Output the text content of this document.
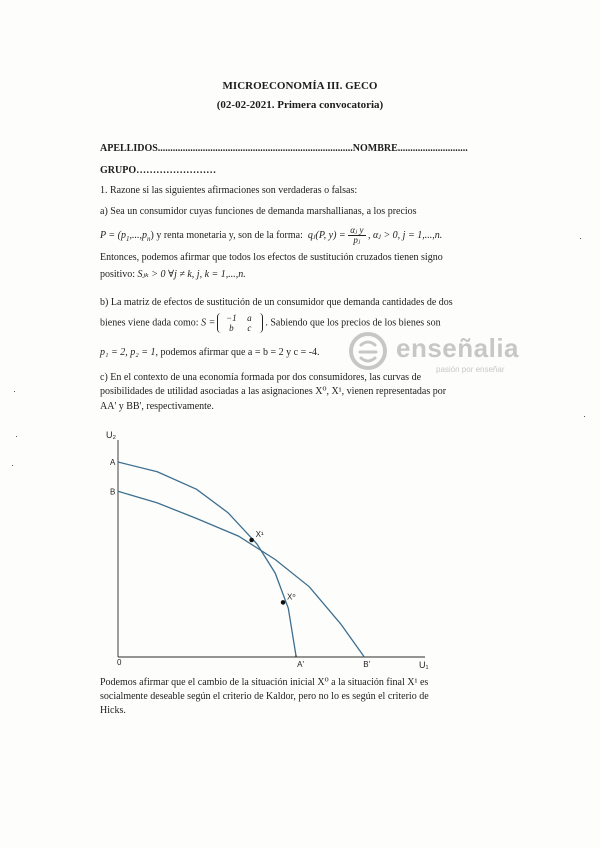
MICROECONOMÍA III. GECO
(02-02-2021. Primera convocatoria)
APELLIDOS..............................................................................NOMBRE............................
GRUPO……………………
1. Razone si las siguientes afirmaciones son verdaderas o falsas:
a) Sea un consumidor cuyas funciones de demanda marshallianas, a los precios
$P = (p_1,...,p_n)$ y renta monetaria y, son de la forma: qⱼ(P, $y) = \frac{\text{αⱼ y}}{\text{pⱼ}}$ , αⱼ > 0, j = 1,...,n.
Entonces, podemos afirmar que todos los efectos de sustitución cruzados tienen signo
positivo: Sⱼₖ > 0 ∀j ≠ k, j, k = 1,...,n.
b) La matriz de efectos de sustitución de un consumidor que demanda cantidades de dos
bienes viene dada como: S = −1 a
b c . Sabiendo que los precios de los bienes son
p₁ = 2, p₂ = 1, podemos afirmar que a = b = 2 y c = -4.	enseñalia
pasión por enseñar
c) En el contexto de una economía formada por dos consumidores, las curvas de
posibilidades de utilidad asociadas a las asignaciones X⁰, X¹, vienen representadas por
AA' y BB', respectivamente.
U₂
U₁
0
A
B
A'	B'
X¹
X⁰
Podemos afirmar que el cambio de la situación inicial X⁰ a la situación final X¹ es
socialmente deseable según el criterio de Kaldor, pero no lo es según el criterio de
Hicks.
